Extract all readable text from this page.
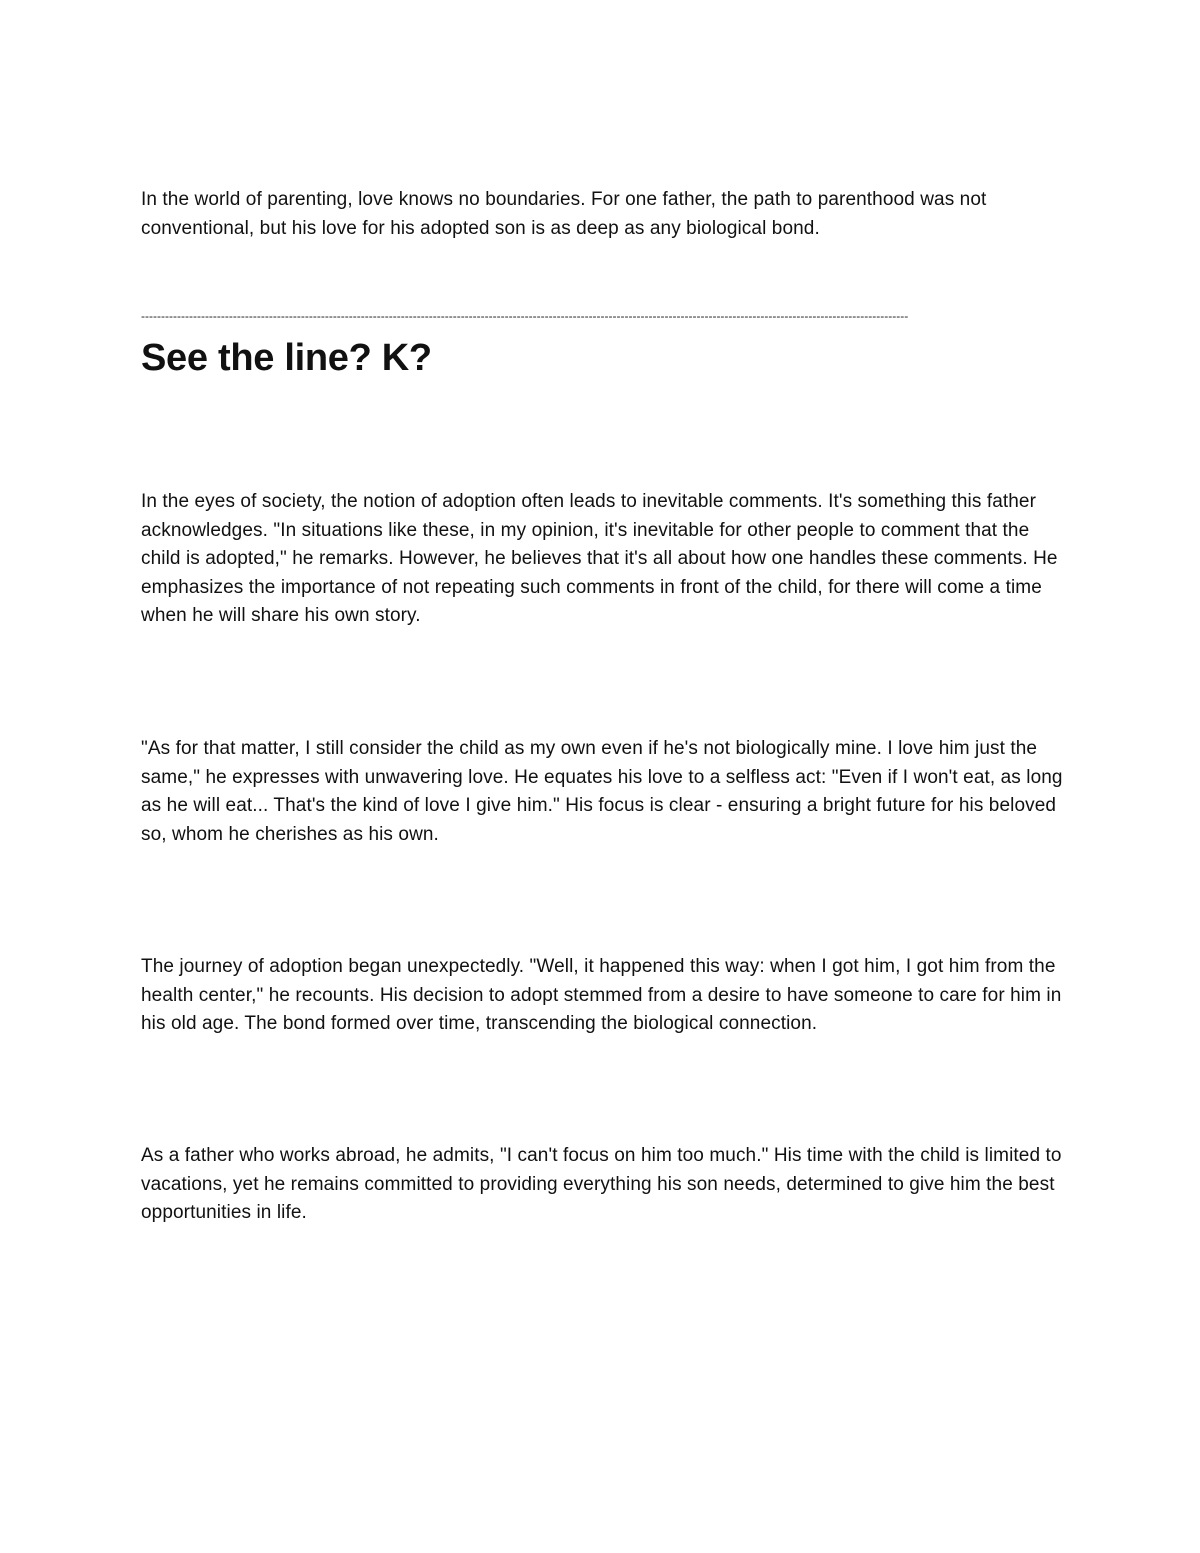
In the world of parenting, love knows no boundaries. For one father, the path to parenthood was not conventional, but his love for his adopted son is as deep as any biological bond.

------------------------------------------------------------------------------------------------------------------------------------------------------------------------------------------------
See the line? K?

In the eyes of society, the notion of adoption often leads to inevitable comments. It's something this father acknowledges. "In situations like these, in my opinion, it's inevitable for other people to comment that the child is adopted," he remarks. However, he believes that it's all about how one handles these comments. He emphasizes the importance of not repeating such comments in front of the child, for there will come a time when he will share his own story.

"As for that matter, I still consider the child as my own even if he's not biologically mine. I love him just the same," he expresses with unwavering love. He equates his love to a selfless act: "Even if I won't eat, as long as he will eat... That's the kind of love I give him." His focus is clear - ensuring a bright future for his beloved so, whom he cherishes as his own.

The journey of adoption began unexpectedly. "Well, it happened this way: when I got him, I got him from the health center," he recounts. His decision to adopt stemmed from a desire to have someone to care for him in his old age. The bond formed over time, transcending the biological connection.

As a father who works abroad, he admits, "I can't focus on him too much." His time with the child is limited to vacations, yet he remains committed to providing everything his son needs, determined to give him the best opportunities in life.
